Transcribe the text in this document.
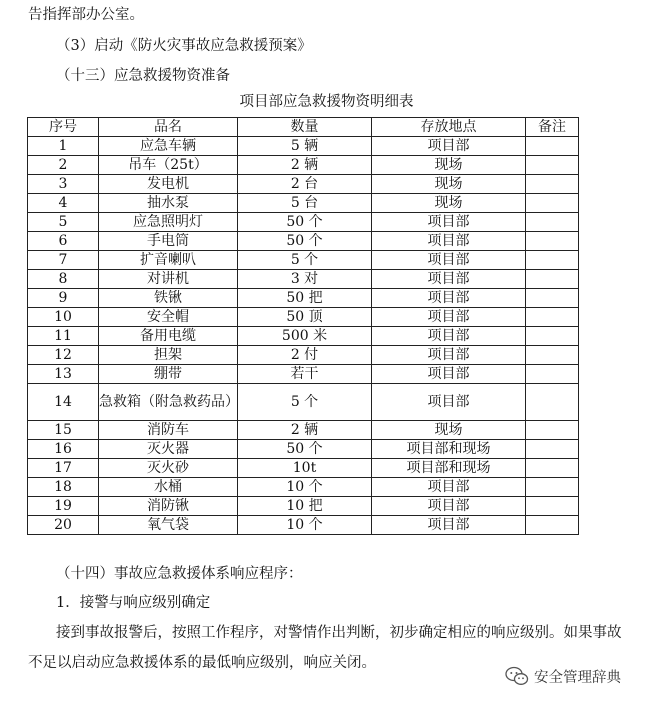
告指挥部办公室。
（3）启动《防火灾事故应急救援预案》
（十三）应急救援物资准备
项目部应急救援物资明细表
序号	品名	数量	存放地点	备注
1	应急车辆	5 辆	项目部	
2	吊车（25t）	2 辆	现场	
3	发电机	2 台	现场	
4	抽水泵	5 台	现场	
5	应急照明灯	50 个	项目部	
6	手电筒	50 个	项目部	
7	扩音喇叭	5 个	项目部	
8	对讲机	3 对	项目部	
9	铁锹	50 把	项目部	
10	安全帽	50 顶	项目部	
11	备用电缆	500 米	项目部	
12	担架	2 付	项目部	
13	绷带	若干	项目部	
14	急救箱（附急救药品）	5 个	项目部	
15	消防车	2 辆	现场	
16	灭火器	50 个	项目部和现场	
17	灭火砂	10t	项目部和现场	
18	水桶	10 个	项目部	
19	消防锹	10 把	项目部	
20	氧气袋	10 个	项目部	
（十四）事故应急救援体系响应程序：
1．接警与响应级别确定
接到事故报警后，按照工作程序，对警情作出判断，初步确定相应的响应级别。如果事故
不足以启动应急救援体系的最低响应级别，响应关闭。
安全管理辞典
